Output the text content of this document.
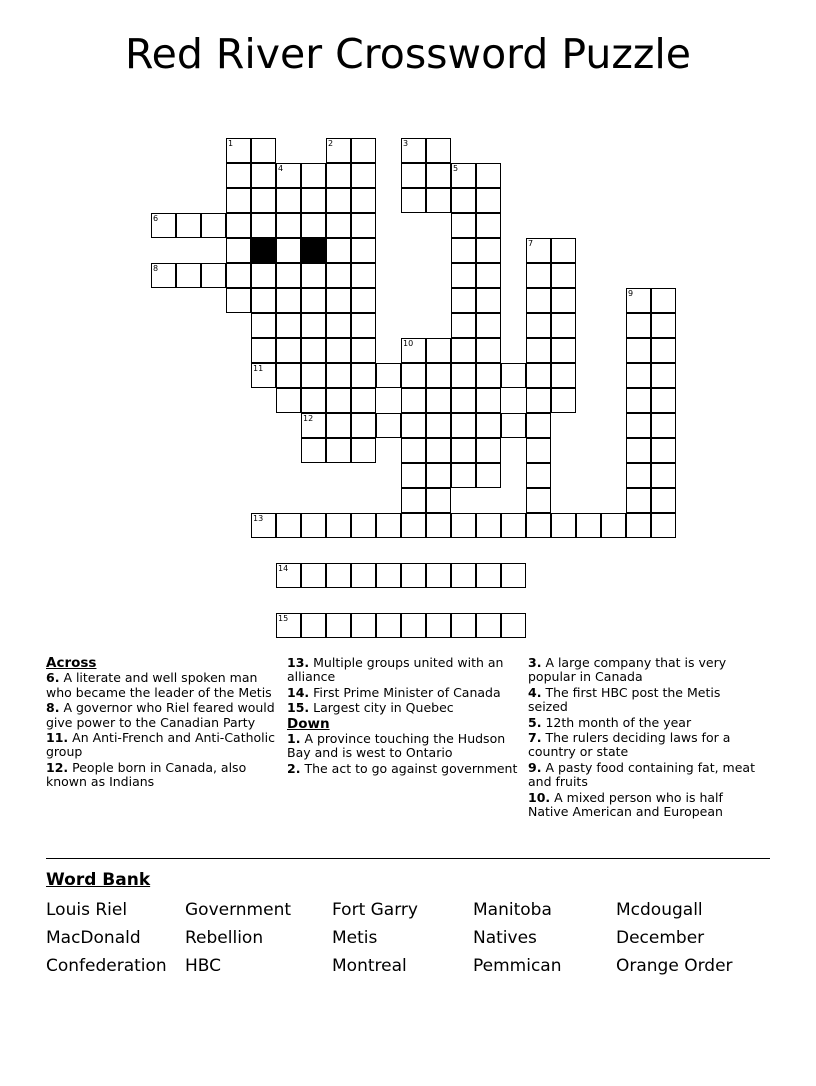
Red River Crossword Puzzle
1	2	3
4	5
6
7
8
9
10
11
12
13
14
15
Across
6. A literate and well spoken man who became the leader of the Metis
8. A governor who Riel feared would give power to the Canadian Party
11. An Anti-French and Anti-Catholic group
12. People born in Canada, also known as Indians
13. Multiple groups united with an alliance
14. First Prime Minister of Canada
15. Largest city in Quebec
Down
1. A province touching the Hudson Bay and is west to Ontario
2. The act to go against government
3. A large company that is very popular in Canada
4. The first HBC post the Metis seized
5. 12th month of the year
7. The rulers deciding laws for a country or state
9. A pasty food containing fat, meat and fruits
10. A mixed person who is half Native American and European
Word Bank
Louis Riel	Government	Fort Garry	Manitoba	Mcdougall
MacDonald	Rebellion	Metis	Natives	December
Confederation	HBC	Montreal	Pemmican	Orange Order
